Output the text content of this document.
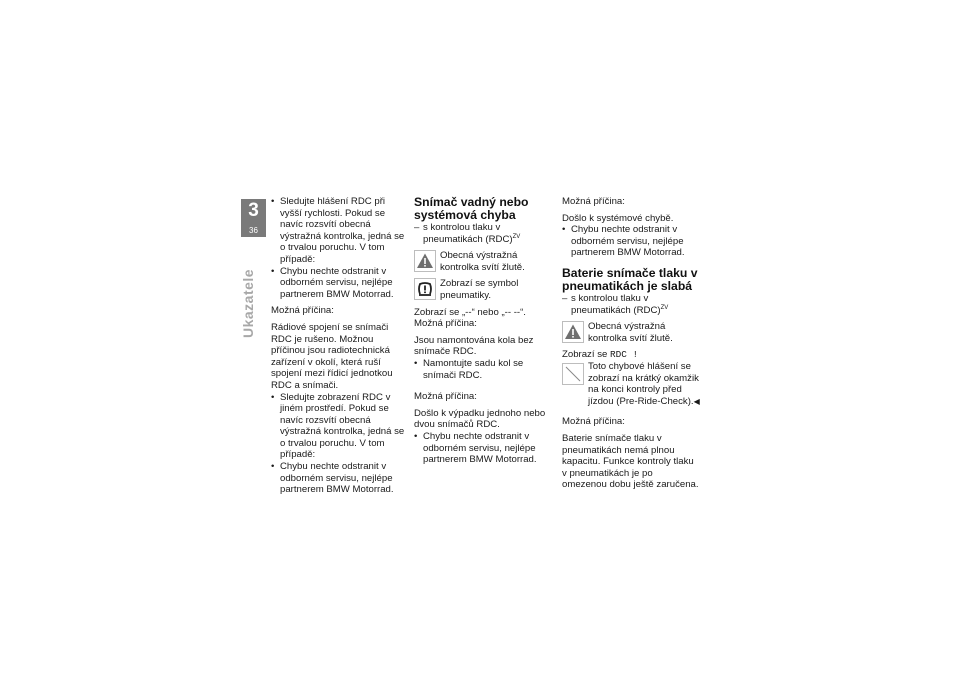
3
36
Ukazatele

• Sledujte hlášení RDC při vyšší rychlosti. Pokud se navíc rozsvítí obecná výstražná kontrolka, jedná se o trvalou poruchu. V tom případě:

• Chybu nechte odstranit v odborném servisu, nejlépe partnerem BMW Motorrad.

Možná příčina:

Rádiové spojení se snímači RDC je rušeno. Možnou příčinou jsou radiotechnická zařízení v okolí, která ruší spojení mezi řídicí jednotkou RDC a snímači.

• Sledujte zobrazení RDC v jiném prostředí. Pokud se navíc rozsvítí obecná výstražná kontrolka, jedná se o trvalou poruchu. V tom případě:

• Chybu nechte odstranit v odborném servisu, nejlépe partnerem BMW Motorrad.

Snímač vadný nebo systémová chyba

– s kontrolou tlaku v pneumatikách (RDC)$^{ZV}$

Obecná výstražná kontrolka svítí žlutě.

Zobrazí se symbol pneumatiky.

Zobrazí se „--“ nebo „-- --“.

Možná příčina:

Jsou namontována kola bez snímače RDC.

• Namontujte sadu kol se snímači RDC.

Možná příčina:

Došlo k výpadku jednoho nebo dvou snímačů RDC.

• Chybu nechte odstranit v odborném servisu, nejlépe partnerem BMW Motorrad.

Možná příčina:

Došlo k systémové chybě.

• Chybu nechte odstranit v odborném servisu, nejlépe partnerem BMW Motorrad.

Baterie snímače tlaku v pneumatikách je slabá

– s kontrolou tlaku v pneumatikách (RDC)$^{ZV}$

Obecná výstražná kontrolka svítí žlutě.

Zobrazí se RDC !

Toto chybové hlášení se zobrazí na krátký okamžik na konci kontroly před jízdou (Pre-Ride-Check).◀

Možná příčina:

Baterie snímače tlaku v pneumatikách nemá plnou kapacitu. Funkce kontroly tlaku v pneumatikách je po omezenou dobu ještě zaručena.
